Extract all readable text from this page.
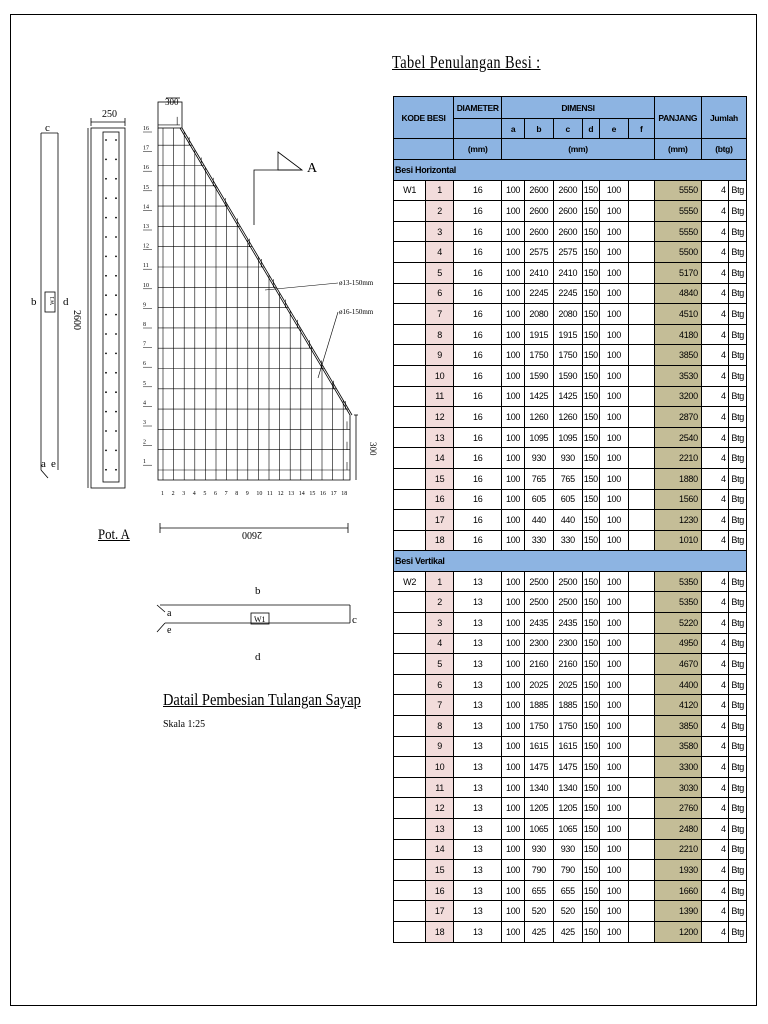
c
b d
a e
W1
250
2600
16
17
16
15
14
13
12
11
10
9
8
7
6
5
4
3
2
1
1 2 3 4 5 6 7 8 9 10 11 12 13 14 15 16 17 18
300
2600
300
A
ø13-150mm
ø16-150mm
b
a
e
c
d
W1
Tabel Penulangan Besi :
Pot. A
Datail Pembesian Tulangan Sayap
Skala 1:25
KODE BESI		DIAMETER	DIMENSI						PANJANG	Jumlah	
			a	b	c	d	e	f			
		(mm)	(mm)						(mm)	(btg)	
Besi Horizontal											
W1	1	16	100	2600	2600	150	100		5550	4	Btg
	2	16	100	2600	2600	150	100		5550	4	Btg
	3	16	100	2600	2600	150	100		5550	4	Btg
	4	16	100	2575	2575	150	100		5500	4	Btg
	5	16	100	2410	2410	150	100		5170	4	Btg
	6	16	100	2245	2245	150	100		4840	4	Btg
	7	16	100	2080	2080	150	100		4510	4	Btg
	8	16	100	1915	1915	150	100		4180	4	Btg
	9	16	100	1750	1750	150	100		3850	4	Btg
	10	16	100	1590	1590	150	100		3530	4	Btg
	11	16	100	1425	1425	150	100		3200	4	Btg
	12	16	100	1260	1260	150	100		2870	4	Btg
	13	16	100	1095	1095	150	100		2540	4	Btg
	14	16	100	930	930	150	100		2210	4	Btg
	15	16	100	765	765	150	100		1880	4	Btg
	16	16	100	605	605	150	100		1560	4	Btg
	17	16	100	440	440	150	100		1230	4	Btg
	18	16	100	330	330	150	100		1010	4	Btg
Besi Vertikal											
W2	1	13	100	2500	2500	150	100		5350	4	Btg
	2	13	100	2500	2500	150	100		5350	4	Btg
	3	13	100	2435	2435	150	100		5220	4	Btg
	4	13	100	2300	2300	150	100		4950	4	Btg
	5	13	100	2160	2160	150	100		4670	4	Btg
	6	13	100	2025	2025	150	100		4400	4	Btg
	7	13	100	1885	1885	150	100		4120	4	Btg
	8	13	100	1750	1750	150	100		3850	4	Btg
	9	13	100	1615	1615	150	100		3580	4	Btg
	10	13	100	1475	1475	150	100		3300	4	Btg
	11	13	100	1340	1340	150	100		3030	4	Btg
	12	13	100	1205	1205	150	100		2760	4	Btg
	13	13	100	1065	1065	150	100		2480	4	Btg
	14	13	100	930	930	150	100		2210	4	Btg
	15	13	100	790	790	150	100		1930	4	Btg
	16	13	100	655	655	150	100		1660	4	Btg
	17	13	100	520	520	150	100		1390	4	Btg
	18	13	100	425	425	150	100		1200	4	Btg
